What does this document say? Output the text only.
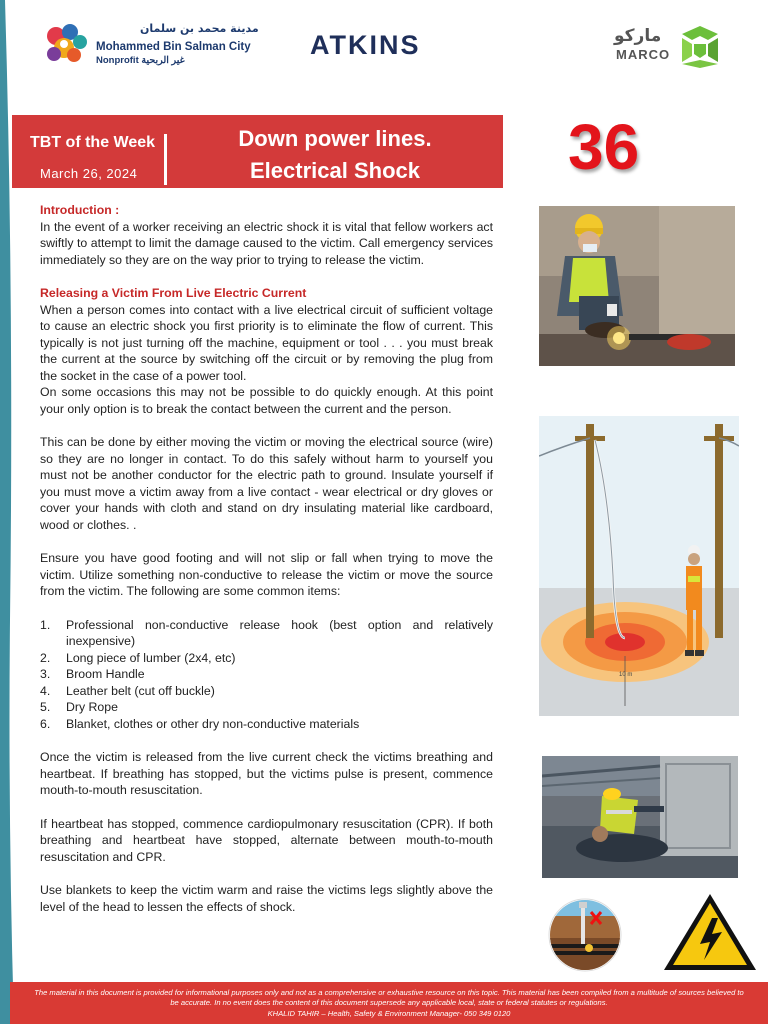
مدينة محمد بن سلمان
Mohammed Bin Salman City
Nonprofit غير الربحية
ATKINS	ماركو
MARCO
TBT of the Week
March 26, 2024
Down power lines.
Electrical Shock	36

Introduction :

In the event of a worker receiving an electric shock it is vital that fellow workers act swiftly to attempt to limit the damage caused to the victim. Call emergency services immediately so they are on the way prior to trying to release the victim.

Releasing a Victim From Live Electric Current

When a person comes into contact with a live electrical circuit of sufficient voltage to cause an electric shock you first priority is to eliminate the flow of current. This typically is not just turning off the machine, equipment or tool . . . you must break the current at the source by switching off the circuit or by removing the plug from the socket in the case of a power tool.

On some occasions this may not be possible to do quickly enough. At this point your only option is to break the contact between the current and the person.

This can be done by either moving the victim or moving the electrical source (wire) so they are no longer in contact. To do this safely without harm to yourself you must not be another conductor for the electric path to ground. Insulate yourself if you must move a victim away from a live contact - wear electrical or dry gloves or cover your hands with cloth and stand on dry insulating material like cardboard, wood or clothes. .

Ensure you have good footing and will not slip or fall when trying to move the victim. Utilize something non-conductive to release the victim or move the source from the victim. The following are some common items:

1. Professional non-conductive release hook (best option and relatively inexpensive)
2. Long piece of lumber (2x4, etc)
3. Broom Handle
4. Leather belt (cut off buckle)
5. Dry Rope
6. Blanket, clothes or other dry non-conductive materials

Once the victim is released from the live current check the victims breathing and heartbeat. If breathing has stopped, but the victims pulse is present, commence mouth-to-mouth resuscitation.

If heartbeat has stopped, commence cardiopulmonary resuscitation (CPR). If both breathing and heartbeat have stopped, alternate between mouth-to-mouth resuscitation and CPR.

Use blankets to keep the victim warm and raise the victims legs slightly above the level of the head to lessen the effects of shock.

10 m
The material in this document is provided for informational purposes only and not as a comprehensive or exhaustive resource on this topic. This material has been compiled from a multitude of sources believed to be accurate. In no event does the content of this document supersede any applicable local, state or federal statutes or regulations.
KHALID TAHIR – Health, Safety & Environment Manager- 050 349 0120
